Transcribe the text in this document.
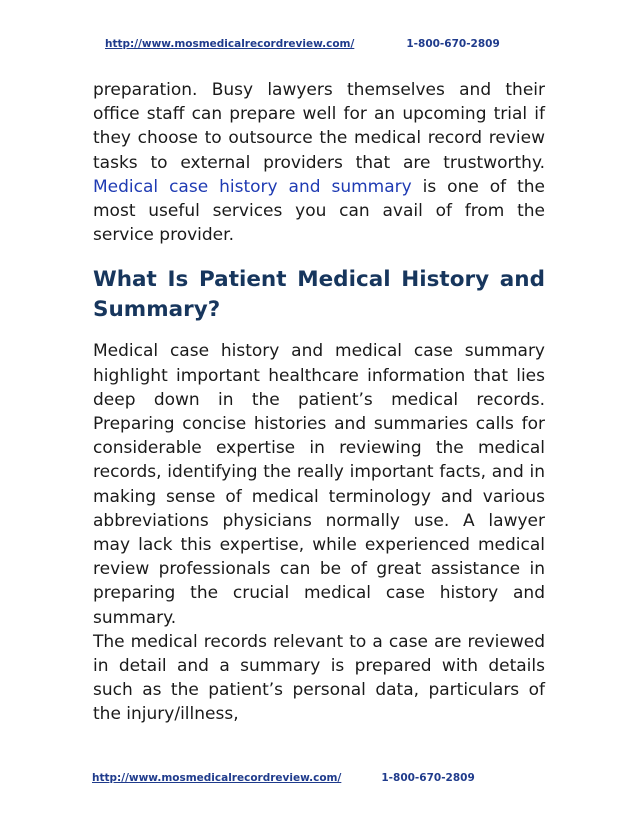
http://www.mosmedicalrecordreview.com/	1-800-670-2809

preparation. Busy lawyers themselves and their office staff can prepare well for an upcoming trial if they choose to outsource the medical record review tasks to external providers that are trustworthy. Medical case history and summary is one of the most useful services you can avail of from the service provider.

What Is Patient Medical History and Summary?

Medical case history and medical case summary highlight important healthcare information that lies deep down in the patient’s medical records. Preparing concise histories and summaries calls for considerable expertise in reviewing the medical records, identifying the really important facts, and in making sense of medical terminology and various abbreviations physicians normally use. A lawyer may lack this expertise, while experienced medical review professionals can be of great assistance in preparing the crucial medical case history and summary.

The medical records relevant to a case are reviewed in detail and a summary is prepared with details such as the patient’s personal data, particulars of the injury/illness,

http://www.mosmedicalrecordreview.com/	1-800-670-2809
